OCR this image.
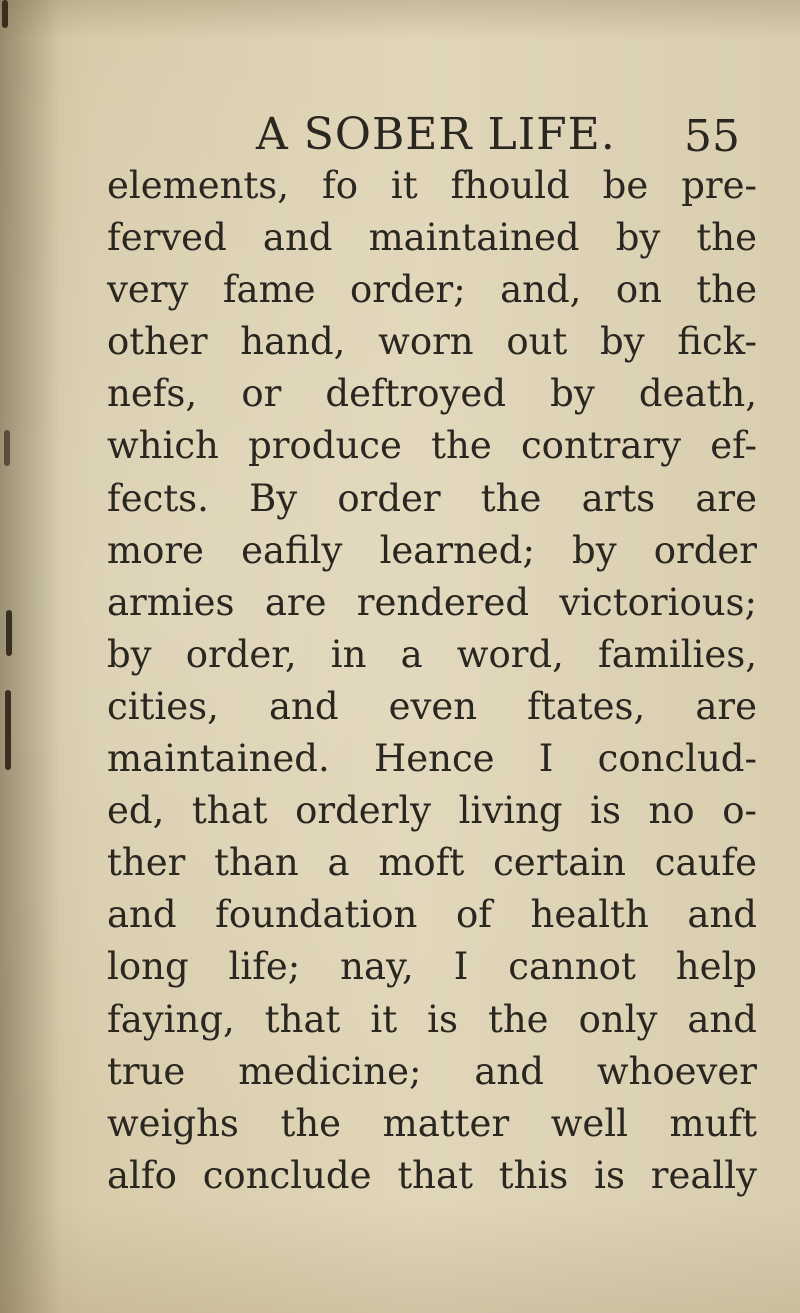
A SOBER LIFE. 55
elements, fo it fhould be pre-
ferved and maintained by the
very fame order; and, on the
other hand, worn out by fick-
nefs, or deftroyed by death,
which produce the contrary ef-
fects. By order the arts are
more eafily learned; by order
armies are rendered victorious;
by order, in a word, families,
cities, and even ftates, are
maintained. Hence I conclud-
ed, that orderly living is no o-
ther than a moft certain caufe
and foundation of health and
long life; nay, I cannot help
faying, that it is the only and
true medicine; and whoever
weighs the matter well muft
alfo conclude that this is really
